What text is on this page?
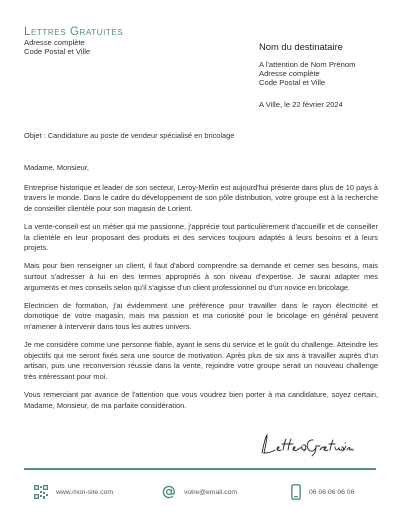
Lettres Gratuites
Adresse complète
Code Postal et Ville	Nom du destinataire
A l'attention de Nom Prénom
Adresse complète
Code Postal et Ville
A Ville, le 22 février 2024
Objet : Candidature au poste de vendeur spécialisé en bricolage

Madame, Monsieur,

Entreprise historique et leader de son secteur, Leroy-Merlin est aujourd'hui présente dans plus de 10 pays à travers le monde. Dans le cadre du développement de son pôle distribution, votre groupe est à la recherche de conseiller clientèle pour son magasin de Lorient.

La vente-conseil est un métier qui me passionne, j'apprécie tout particulièrement d'accueillir et de conseiller la clientèle en leur proposant des produits et des services toujours adaptés à leurs besoins et à leurs projets.

Mais pour bien renseigner un client, il faut d'abord comprendre sa demande et cerner ses besoins, mais surtout s'adresser à lui en des termes appropriés à son niveau d'expertise. Je saurai adapter mes arguments et mes conseils selon qu'il s'agisse d'un client professionnel ou d'un novice en bricolage.

Electricien de formation, j'ai évidemment une préférence pour travailler dans le rayon électricité et domotique de votre magasin, mais ma passion et ma curiosité pour le bricolage en général peuvent m'amener à intervenir dans tous les autres univers.

Je me considère comme une personne fiable, ayant le sens du service et le goût du challenge. Atteindre les objectifs qui me seront fixés sera une source de motivation. Après plus de six ans à travailler auprès d'un artisan, puis une reconversion réussie dans la vente, rejoindre votre groupe serait un nouveau challenge très intéressant pour moi.

Vous remerciant par avance de l'attention que vous voudrez bien porter à ma candidature, soyez certain, Madame, Monsieur, de ma parfaite considération.

www.mon-site.com	votre@email.com	06 06 06 06 06
